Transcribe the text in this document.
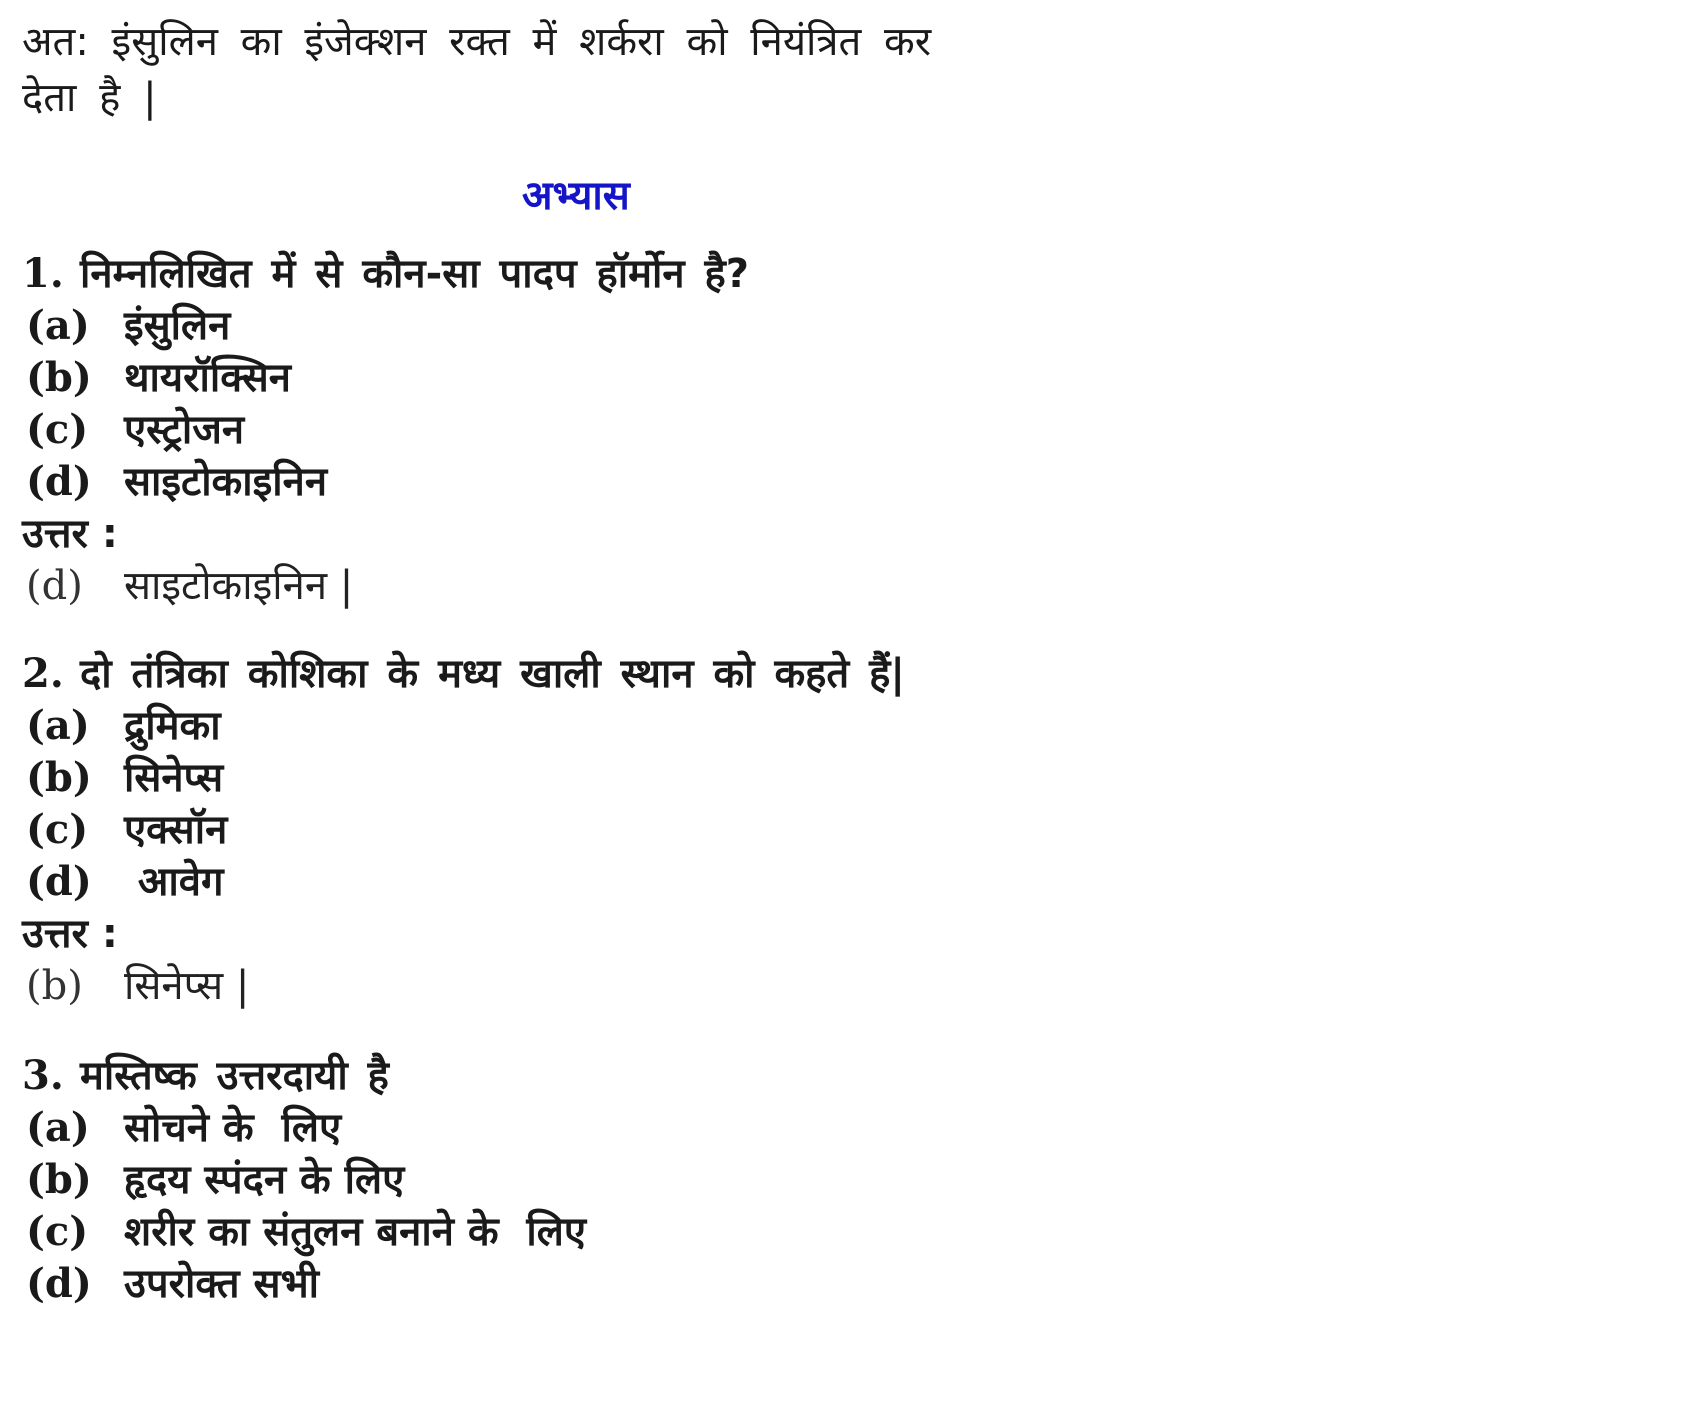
अत: इंसुलिन का इंजेक्शन रक्त में शर्करा को नियंत्रित कर
देता है |
अभ्यास
1. निम्नलिखित में से कौन-सा पादप हॉर्मोन है?
(a) इंसुलिन
(b) थायरॉक्सिन
(c) एस्ट्रोजन
(d) साइटोकाइनिन
उत्तर :
(d) साइटोकाइनिन |
2. दो तंत्रिका कोशिका के मध्य खाली स्थान को कहते हैं|
(a) द्रुमिका
(b) सिनेप्स
(c) एक्सॉन
(d) आवेग
उत्तर :
(b) सिनेप्स |
3. मस्तिष्क उत्तरदायी है
(a) सोचने के  लिए
(b) हृदय स्पंदन के लिए
(c) शरीर का संतुलन बनाने के  लिए
(d) उपरोक्त सभी
